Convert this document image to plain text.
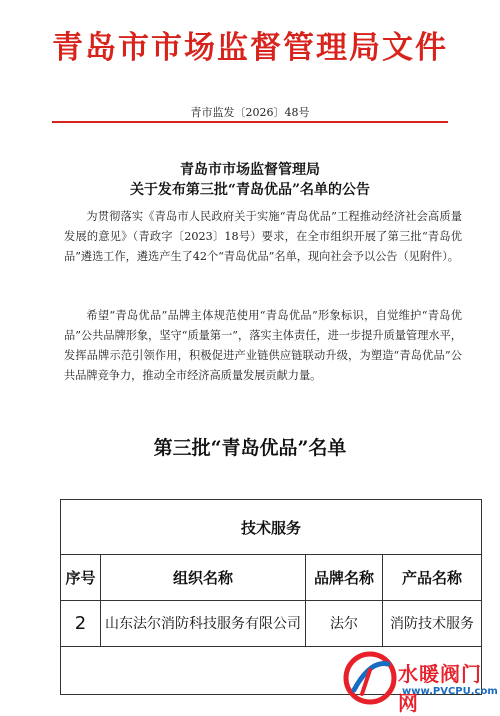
青岛市市场监督管理局文件
青市监发〔2026〕48号
青岛市市场监督管理局
关于发布第三批“青岛优品”名单的公告

为贯彻落实《青岛市人民政府关于实施“青岛优品”工程推动经济社会高质量发展的意见》（青政字〔2023〕18号）要求，在全市组织开展了第三批“青岛优品”遴选工作，遴选产生了42个“青岛优品”名单，现向社会予以公告（见附件）。

希望“青岛优品”品牌主体规范使用“青岛优品”形象标识，自觉维护“青岛优品”公共品牌形象，坚守“质量第一”，落实主体责任，进一步提升质量管理水平，发挥品牌示范引领作用，积极促进产业链供应链联动升级，为塑造“青岛优品”公共品牌竞争力，推动全市经济高质量发展贡献力量。

第三批“青岛优品”名单
技术服务
序号	组织名称	品牌名称	产品名称
2	山东法尔消防科技服务有限公司	法尔	消防技术服务
水暖阀门网
www.PVCPU.com
